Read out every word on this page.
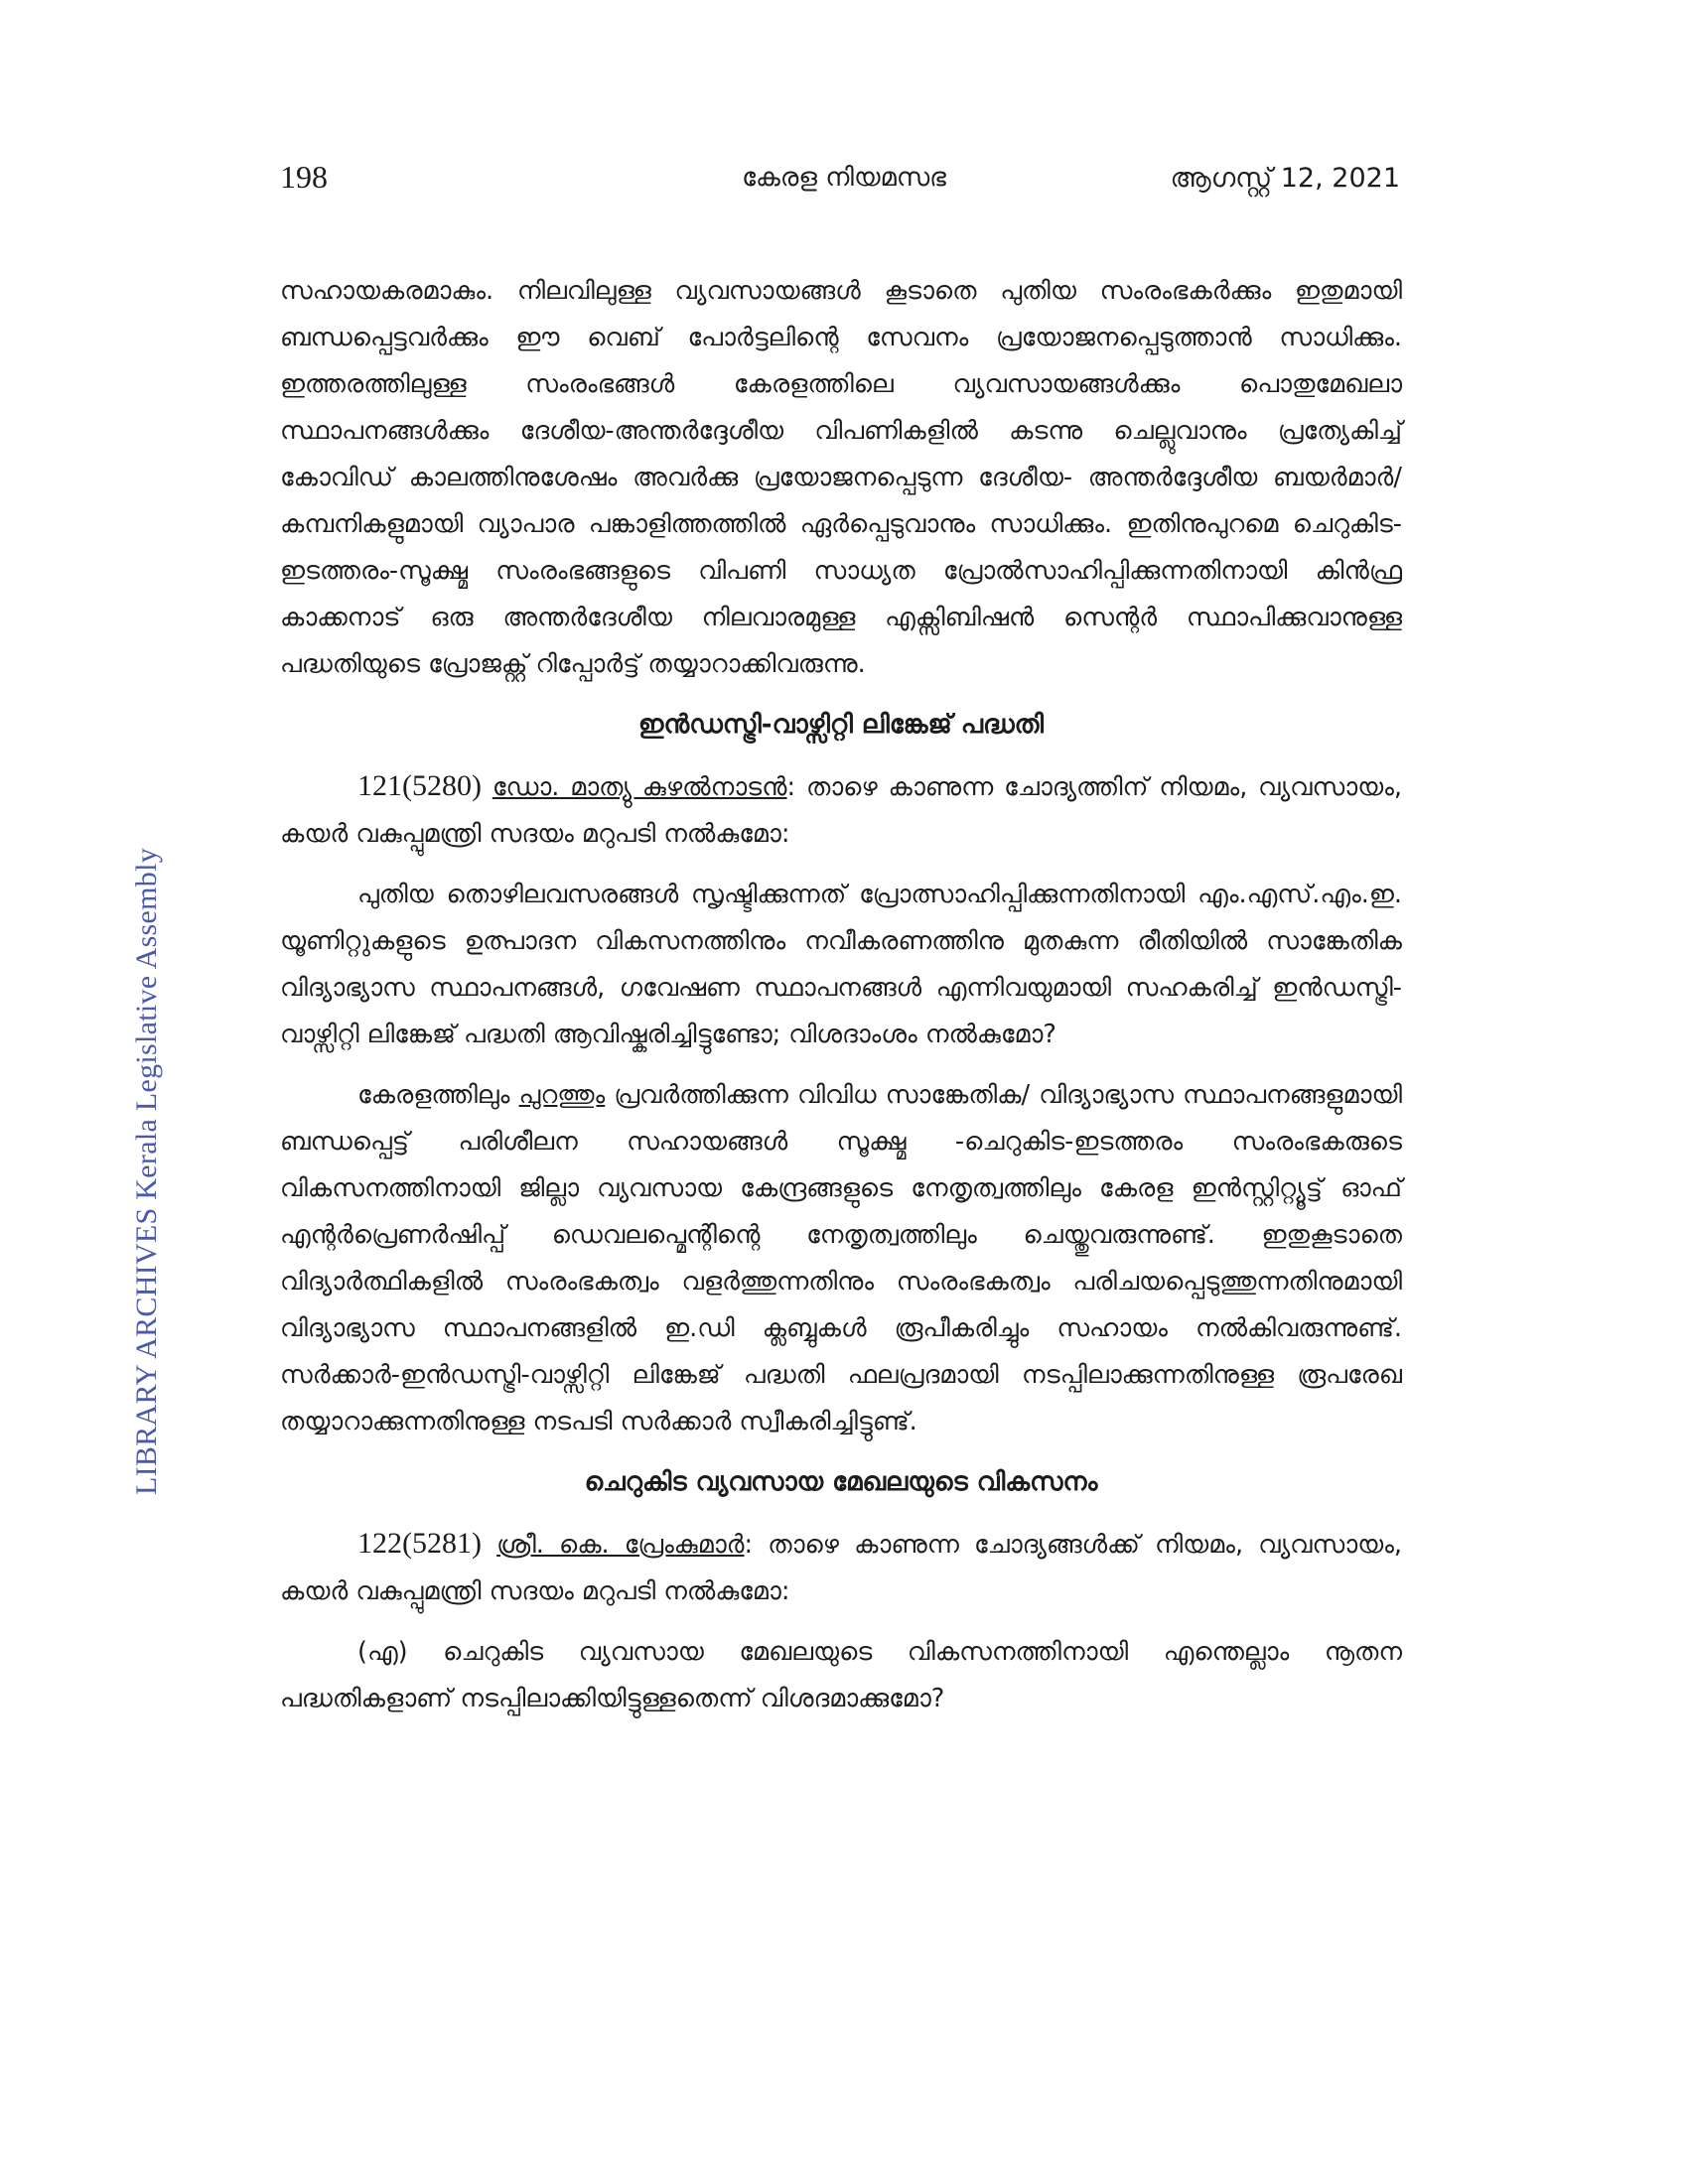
198	കേരള നിയമസഭ	ആഗസ്റ്റ് 12, 2021
LIBRARY ARCHIVES Kerala Legislative Assembly

സഹായകരമാകും. നിലവിലുള്ള വ്യവസായങ്ങൾ കൂടാതെ പുതിയ സംരംഭകർക്കും ഇതുമായി ബന്ധപ്പെട്ടവർക്കും ഈ വെബ് പോർട്ടലിന്റെ സേവനം പ്രയോജനപ്പെടുത്താൻ സാധിക്കും. ഇത്തരത്തിലുള്ള സംരംഭങ്ങൾ കേരളത്തിലെ വ്യവസായങ്ങൾക്കും പൊതുമേഖലാ സ്ഥാപനങ്ങൾക്കും ദേശീയ-അന്തർദ്ദേശീയ വിപണികളിൽ കടന്നു ചെല്ലുവാനും പ്രത്യേകിച്ച് കോവിഡ് കാലത്തിനുശേഷം അവർക്കു പ്രയോജനപ്പെടുന്ന ദേശീയ- അന്തർദ്ദേശീയ ബയർമാർ/ കമ്പനികളുമായി വ്യാപാര പങ്കാളിത്തത്തിൽ ഏർപ്പെടുവാനും സാധിക്കും. ഇതിനുപുറമെ ചെറുകിട-ഇടത്തരം-സൂക്ഷ്മ സംരംഭങ്ങളുടെ വിപണി സാധ്യത പ്രോൽസാഹിപ്പിക്കുന്നതിനായി കിൻഫ്ര കാക്കനാട് ഒരു അന്തർദേശീയ നിലവാരമുള്ള എക്സിബിഷൻ സെന്റർ സ്ഥാപിക്കുവാനുള്ള പദ്ധതിയുടെ പ്രോജക്റ്റ് റിപ്പോർട്ട് തയ്യാറാക്കിവരുന്നു.

ഇൻഡസ്ട്രി-വാഴ്സിറ്റി ലിങ്കേജ് പദ്ധതി

121(5280) ഡോ. മാത്യു കുഴൽനാടൻ: താഴെ കാണുന്ന ചോദ്യത്തിന് നിയമം, വ്യവസായം, കയർ വകുപ്പുമന്ത്രി സദയം മറുപടി നൽകുമോ:

പുതിയ തൊഴിലവസരങ്ങൾ സൃഷ്ടിക്കുന്നത് പ്രോത്സാഹിപ്പിക്കുന്നതിനായി എം.എസ്.എം.ഇ. യൂണിറ്റുകളുടെ ഉത്പാദന വികസനത്തിനും നവീകരണത്തിനു മുതകുന്ന രീതിയിൽ സാങ്കേതിക വിദ്യാഭ്യാസ സ്ഥാപനങ്ങൾ, ഗവേഷണ സ്ഥാപനങ്ങൾ എന്നിവയുമായി സഹകരിച്ച് ഇൻഡസ്ട്രി-വാഴ്സിറ്റി ലിങ്കേജ് പദ്ധതി ആവിഷ്കരിച്ചിട്ടുണ്ടോ; വിശദാംശം നൽകുമോ?

കേരളത്തിലും പുറത്തും പ്രവർത്തിക്കുന്ന വിവിധ സാങ്കേതിക/ വിദ്യാഭ്യാസ സ്ഥാപനങ്ങളുമായി ബന്ധപ്പെട്ട് പരിശീലന സഹായങ്ങൾ സൂക്ഷ്മ -ചെറുകിട-ഇടത്തരം സംരംഭകരുടെ വികസനത്തിനായി ജില്ലാ വ്യവസായ കേന്ദ്രങ്ങളുടെ നേതൃത്വത്തിലും കേരള ഇൻസ്റ്റിറ്റ്യൂട്ട് ഓഫ് എന്റർപ്രെണർഷിപ്പ് ഡെവലപ്മെന്റിന്റെ നേതൃത്വത്തിലും ചെയ്തുവരുന്നുണ്ട്. ഇതുകൂടാതെ വിദ്യാർത്ഥികളിൽ സംരംഭകത്വം വളർത്തുന്നതിനും സംരംഭകത്വം പരിചയപ്പെടുത്തുന്നതിനുമായി വിദ്യാഭ്യാസ സ്ഥാപനങ്ങളിൽ ഇ.ഡി ക്ലബ്ബുകൾ രൂപീകരിച്ചും സഹായം നൽകിവരുന്നുണ്ട്. സർക്കാർ-ഇൻഡസ്ട്രി-വാഴ്സിറ്റി ലിങ്കേജ് പദ്ധതി ഫലപ്രദമായി നടപ്പിലാക്കുന്നതിനുള്ള രൂപരേഖ തയ്യാറാക്കുന്നതിനുള്ള നടപടി സർക്കാർ സ്വീകരിച്ചിട്ടുണ്ട്.

ചെറുകിട വ്യവസായ മേഖലയുടെ വികസനം

122(5281) ശ്രീ. കെ. പ്രേംകുമാർ: താഴെ കാണുന്ന ചോദ്യങ്ങൾക്ക് നിയമം, വ്യവസായം, കയർ വകുപ്പുമന്ത്രി സദയം മറുപടി നൽകുമോ:

(എ) ചെറുകിട വ്യവസായ മേഖലയുടെ വികസനത്തിനായി എന്തെല്ലാം നൂതന പദ്ധതികളാണ് നടപ്പിലാക്കിയിട്ടുള്ളതെന്ന് വിശദമാക്കുമോ?
